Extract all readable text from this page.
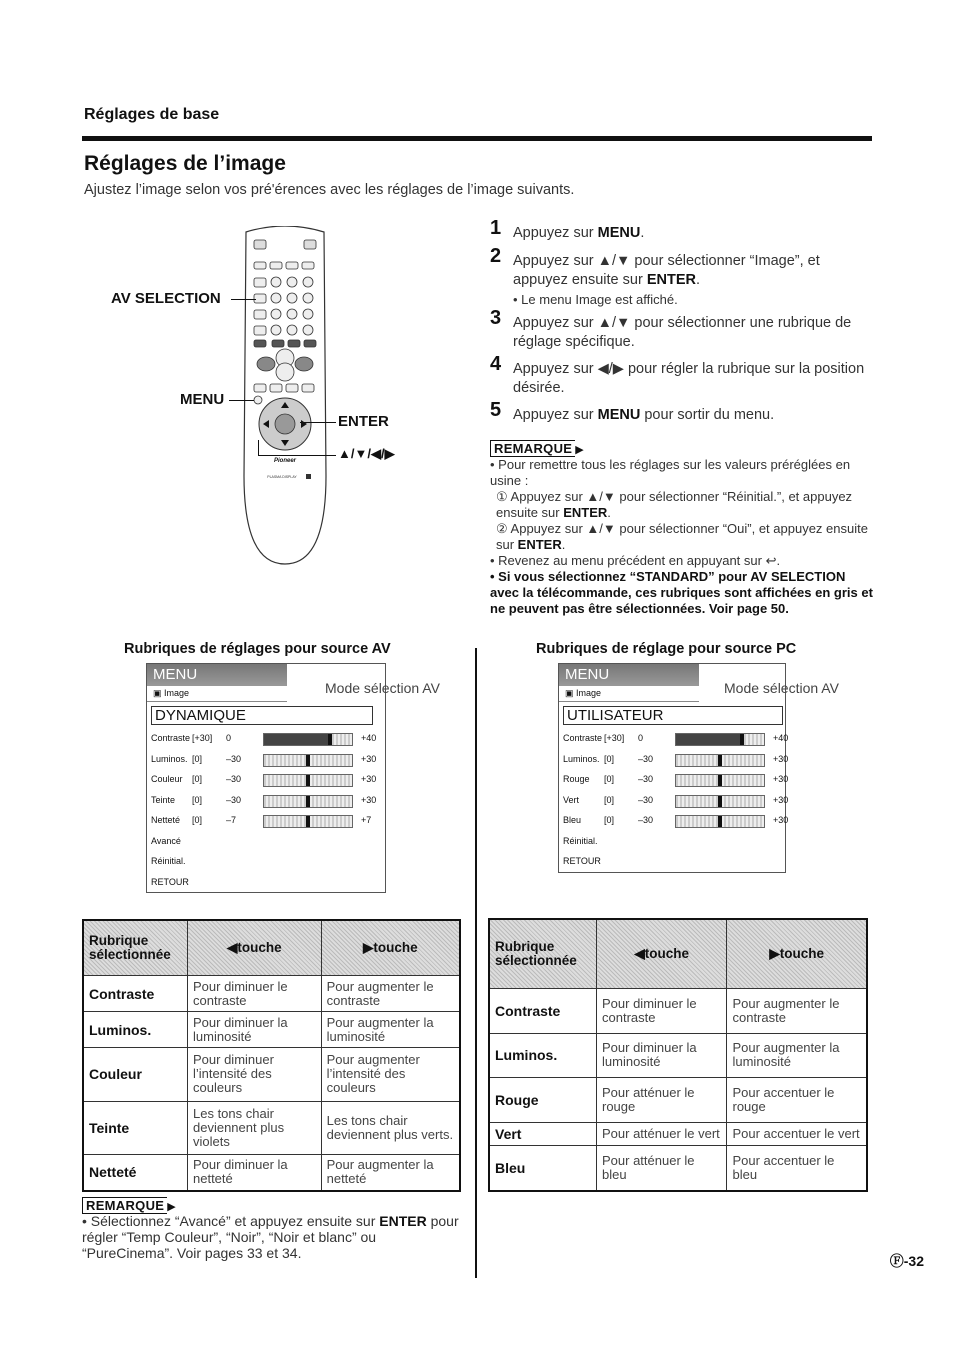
Réglages de base
Réglages de l’image
Ajustez l’image selon vos pré'érences avec les réglages de l’image suivants.
Pioneer
PLASMA DISPLAY
AV SELECTION
MENU
ENTER
▲/▼/◀/▶
1 Appuyez sur MENU.
2 Appuyez sur ▲/▼ pour sélectionner “Image”, et appuyez ensuite sur ENTER.
• Le menu Image est affiché.
3 Appuyez sur ▲/▼ pour sélectionner une rubrique de réglage spécifique.
4 Appuyez sur ◀/▶ pour régler la rubrique sur la position désirée.
5 Appuyez sur MENU pour sortir du menu.
REMARQUE ▶
• Pour remettre tous les réglages sur les valeurs préréglées en usine :
① Appuyez sur ▲/▼ pour sélectionner “Réinitial.”, et appuyez ensuite sur ENTER.
② Appuyez sur ▲/▼ pour sélectionner “Oui”, et appuyez ensuite sur ENTER.
• Revenez au menu précédent en appuyant sur ↩.
• Si vous sélectionnez “STANDARD” pour AV SELECTION avec la télécommande, ces rubriques sont affichées en gris et ne peuvent pas être sélectionnées. Voir page 50.
Rubriques de réglages pour source AV
MENU
▣ Image
DYNAMIQUE
Contraste [+30] 0	+40
Luminos. [0]	–30	+30
Couleur [0]	–30	+30
Teinte [0]	–30	+30
Netteté [0]	–7	+7
Avancé
Réinitial.
RETOUR
Mode sélection AV
Rubrique sélectionnée	◀touche	▶touche
Contraste	Pour diminuer le contraste	Pour augmenter le contraste
Luminos.	Pour diminuer la luminosité	Pour augmenter la luminosité
Couleur	Pour diminuer l’intensité des couleurs	Pour augmenter l’intensité des couleurs
Teinte	Les tons chair deviennent plus violets	Les tons chair deviennent plus verts.
Netteté	Pour diminuer la netteté	Pour augmenter la netteté
REMARQUE ▶
• Sélectionnez “Avancé” et appuyez ensuite sur ENTER pour régler “Temp Couleur”, “Noir”, “Noir et blanc” ou “PureCinema”. Voir pages 33 et 34.
Rubriques de réglage pour source PC
MENU
▣ Image
UTILISATEUR
Contraste [+30] 0	+40
Luminos. [0]	–30	+30
Rouge [0]	–30	+30
Vert	[0]	–30	+30
Bleu	[0]	–30	+30
Réinitial.
RETOUR
Mode sélection AV
Rubrique sélectionnée	◀touche	▶touche
Contraste	Pour diminuer le contraste	Pour augmenter le contraste
Luminos.	Pour diminuer la luminosité	Pour augmenter la luminosité
Rouge	Pour atténuer le rouge	Pour accentuer le rouge
Vert	Pour atténuer le vert	Pour accentuer le vert
Bleu	Pour atténuer le bleu	Pour accentuer le bleu
Ⓕ-32
